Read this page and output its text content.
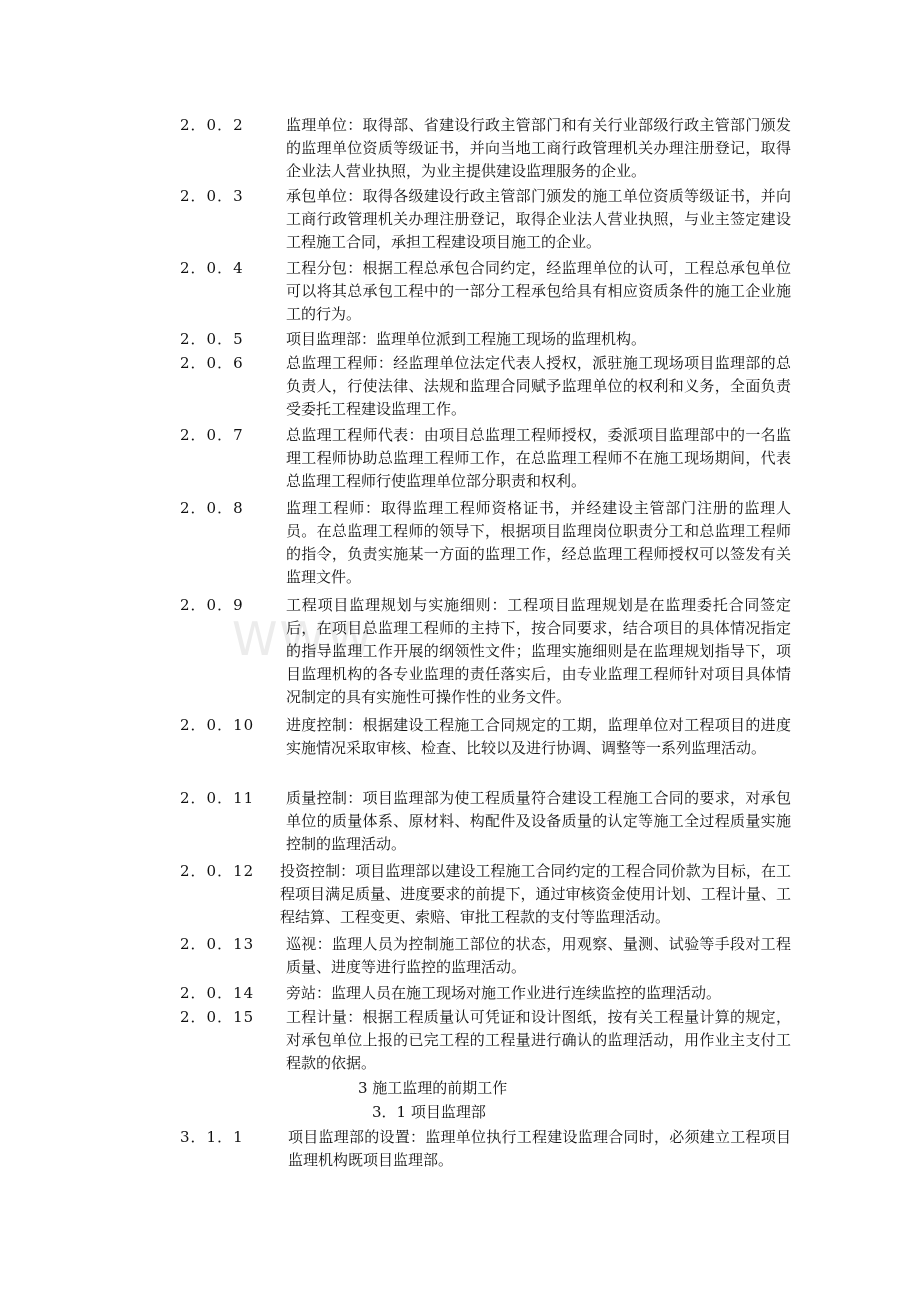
WWW
2．0．2	监理单位：取得部、省建设行政主管部门和有关行业部级行政主管部门颁发的监理单位资质等级证书，并向当地工商行政管理机关办理注册登记，取得企业法人营业执照，为业主提供建设监理服务的企业。
2．0．3	承包单位：取得各级建设行政主管部门颁发的施工单位资质等级证书，并向工商行政管理机关办理注册登记，取得企业法人营业执照，与业主签定建设工程施工合同，承担工程建设项目施工的企业。
2．0．4	工程分包：根据工程总承包合同约定，经监理单位的认可，工程总承包单位可以将其总承包工程中的一部分工程承包给具有相应资质条件的施工企业施工的行为。
2．0．5	项目监理部：监理单位派到工程施工现场的监理机构。
2．0．6	总监理工程师：经监理单位法定代表人授权，派驻施工现场项目监理部的总负责人，行使法律、法规和监理合同赋予监理单位的权利和义务，全面负责受委托工程建设监理工作。
2．0．7	总监理工程师代表：由项目总监理工程师授权，委派项目监理部中的一名监理工程师协助总监理工程师工作，在总监理工程师不在施工现场期间，代表总监理工程师行使监理单位部分职责和权利。
2．0．8	监理工程师：取得监理工程师资格证书，并经建设主管部门注册的监理人员。在总监理工程师的领导下，根据项目监理岗位职责分工和总监理工程师的指令，负责实施某一方面的监理工作，经总监理工程师授权可以签发有关监理文件。
2．0．9	工程项目监理规划与实施细则：工程项目监理规划是在监理委托合同签定后，在项目总监理工程师的主持下，按合同要求，结合项目的具体情况指定的指导监理工作开展的纲领性文件；监理实施细则是在监理规划指导下，项目监理机构的各专业监理的责任落实后，由专业监理工程师针对项目具体情况制定的具有实施性可操作性的业务文件。
2．0．10 进度控制：根据建设工程施工合同规定的工期，监理单位对工程项目的进度实施情况采取审核、检查、比较以及进行协调、调整等一系列监理活动。
2．0．11 质量控制：项目监理部为使工程质量符合建设工程施工合同的要求，对承包单位的质量体系、原材料、构配件及设备质量的认定等施工全过程质量实施控制的监理活动。
2．0．12 投资控制：项目监理部以建设工程施工合同约定的工程合同价款为目标，在工程项目满足质量、进度要求的前提下，通过审核资金使用计划、工程计量、工程结算、工程变更、索赔、审批工程款的支付等监理活动。
2．0．13 巡视：监理人员为控制施工部位的状态，用观察、量测、试验等手段对工程质量、进度等进行监控的监理活动。
2．0．14 旁站：监理人员在施工现场对施工作业进行连续监控的监理活动。
2．0．15 工程计量：根据工程质量认可凭证和设计图纸，按有关工程量计算的规定，对承包单位上报的已完工程的工程量进行确认的监理活动，用作业主支付工程款的依据。
3 施工监理的前期工作
3．1 项目监理部
3．1．1	项目监理部的设置：监理单位执行工程建设监理合同时，必须建立工程项目监理机构既项目监理部。
